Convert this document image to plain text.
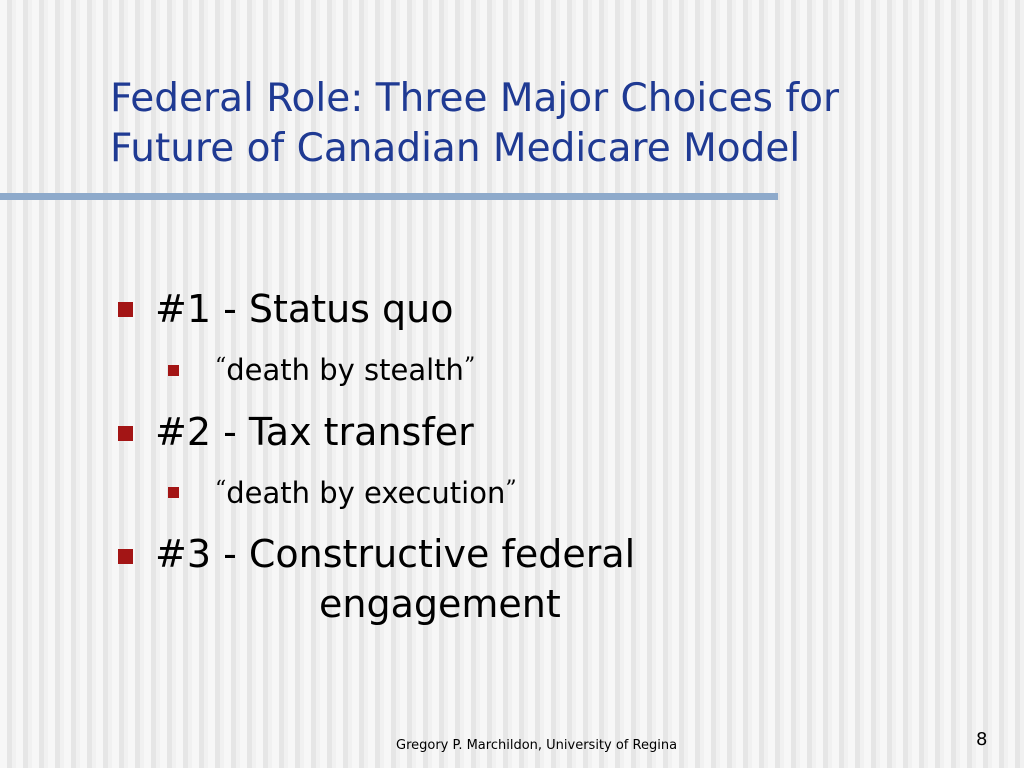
Federal Role: Three Major Choices for
Future of Canadian Medicare Model
#1 - Status quo
“death by stealth”
#2 - Tax transfer
“death by execution”
#3 - Constructive federal
engagement
Gregory P. Marchildon, University of Regina	8
